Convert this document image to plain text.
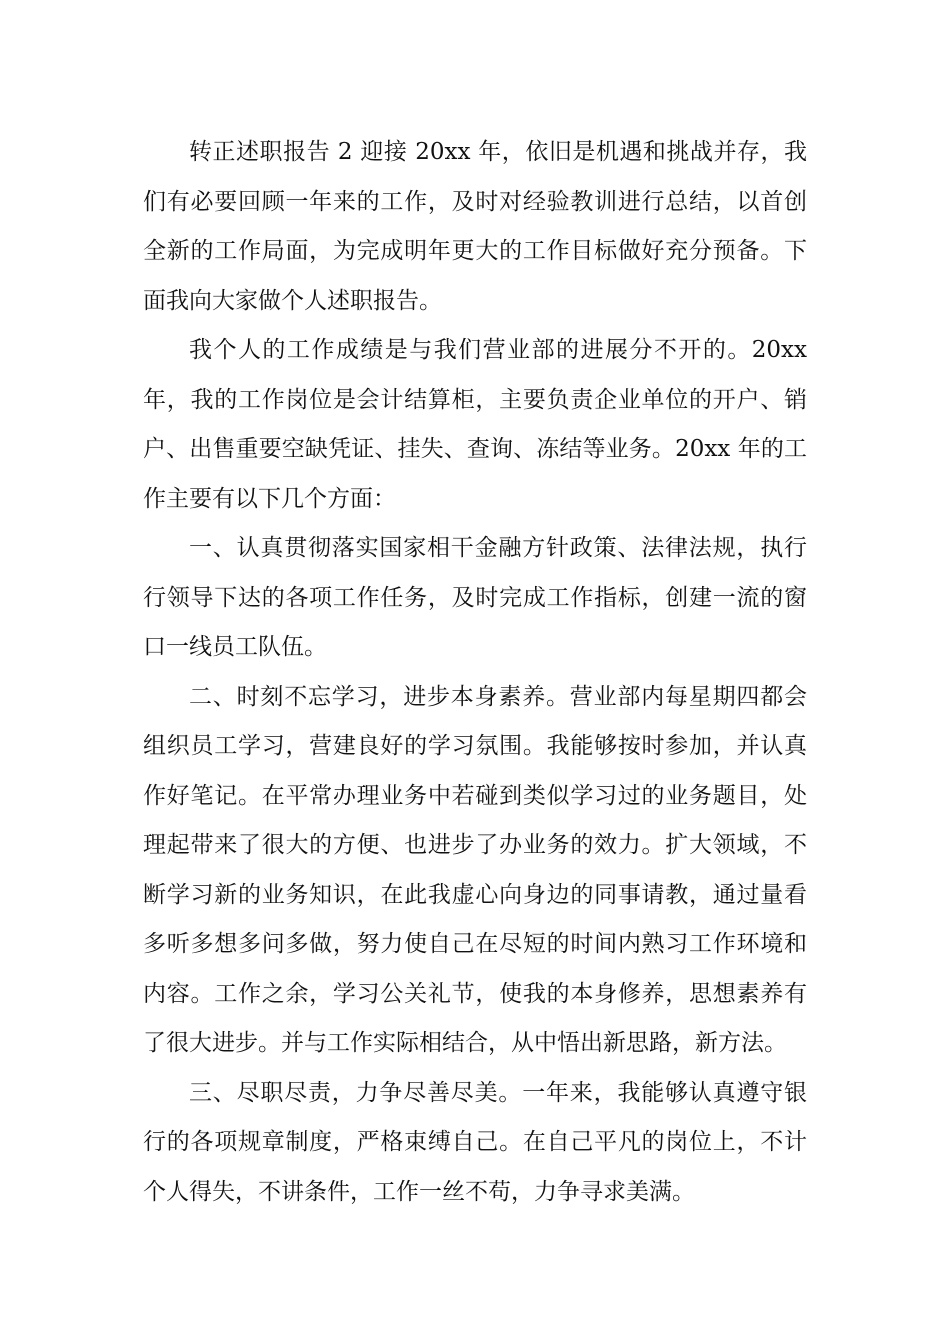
转正述职报告 2 迎接 20xx 年，依旧是机遇和挑战并存，我们有必要回顾一年来的工作，及时对经验教训进行总结，以首创全新的工作局面，为完成明年更大的工作目标做好充分预备。下面我向大家做个人述职报告。

我个人的工作成绩是与我们营业部的进展分不开的。20xx 年，我的工作岗位是会计结算柜，主要负责企业单位的开户、销户、出售重要空缺凭证、挂失、查询、冻结等业务。20xx 年的工作主要有以下几个方面：

一、认真贯彻落实国家相干金融方针政策、法律法规，执行行领导下达的各项工作任务，及时完成工作指标，创建一流的窗口一线员工队伍。

二、时刻不忘学习，进步本身素养。营业部内每星期四都会组织员工学习，营建良好的学习氛围。我能够按时参加，并认真作好笔记。在平常办理业务中若碰到类似学习过的业务题目，处理起带来了很大的方便、也进步了办业务的效力。扩大领域，不断学习新的业务知识，在此我虚心向身边的同事请教，通过量看多听多想多问多做，努力使自己在尽短的时间内熟习工作环境和内容。工作之余，学习公关礼节，使我的本身修养，思想素养有了很大进步。并与工作实际相结合，从中悟出新思路，新方法。

三、尽职尽责，力争尽善尽美。一年来，我能够认真遵守银行的各项规章制度，严格束缚自己。在自己平凡的岗位上，不计个人得失，不讲条件，工作一丝不苟，力争寻求美满。
